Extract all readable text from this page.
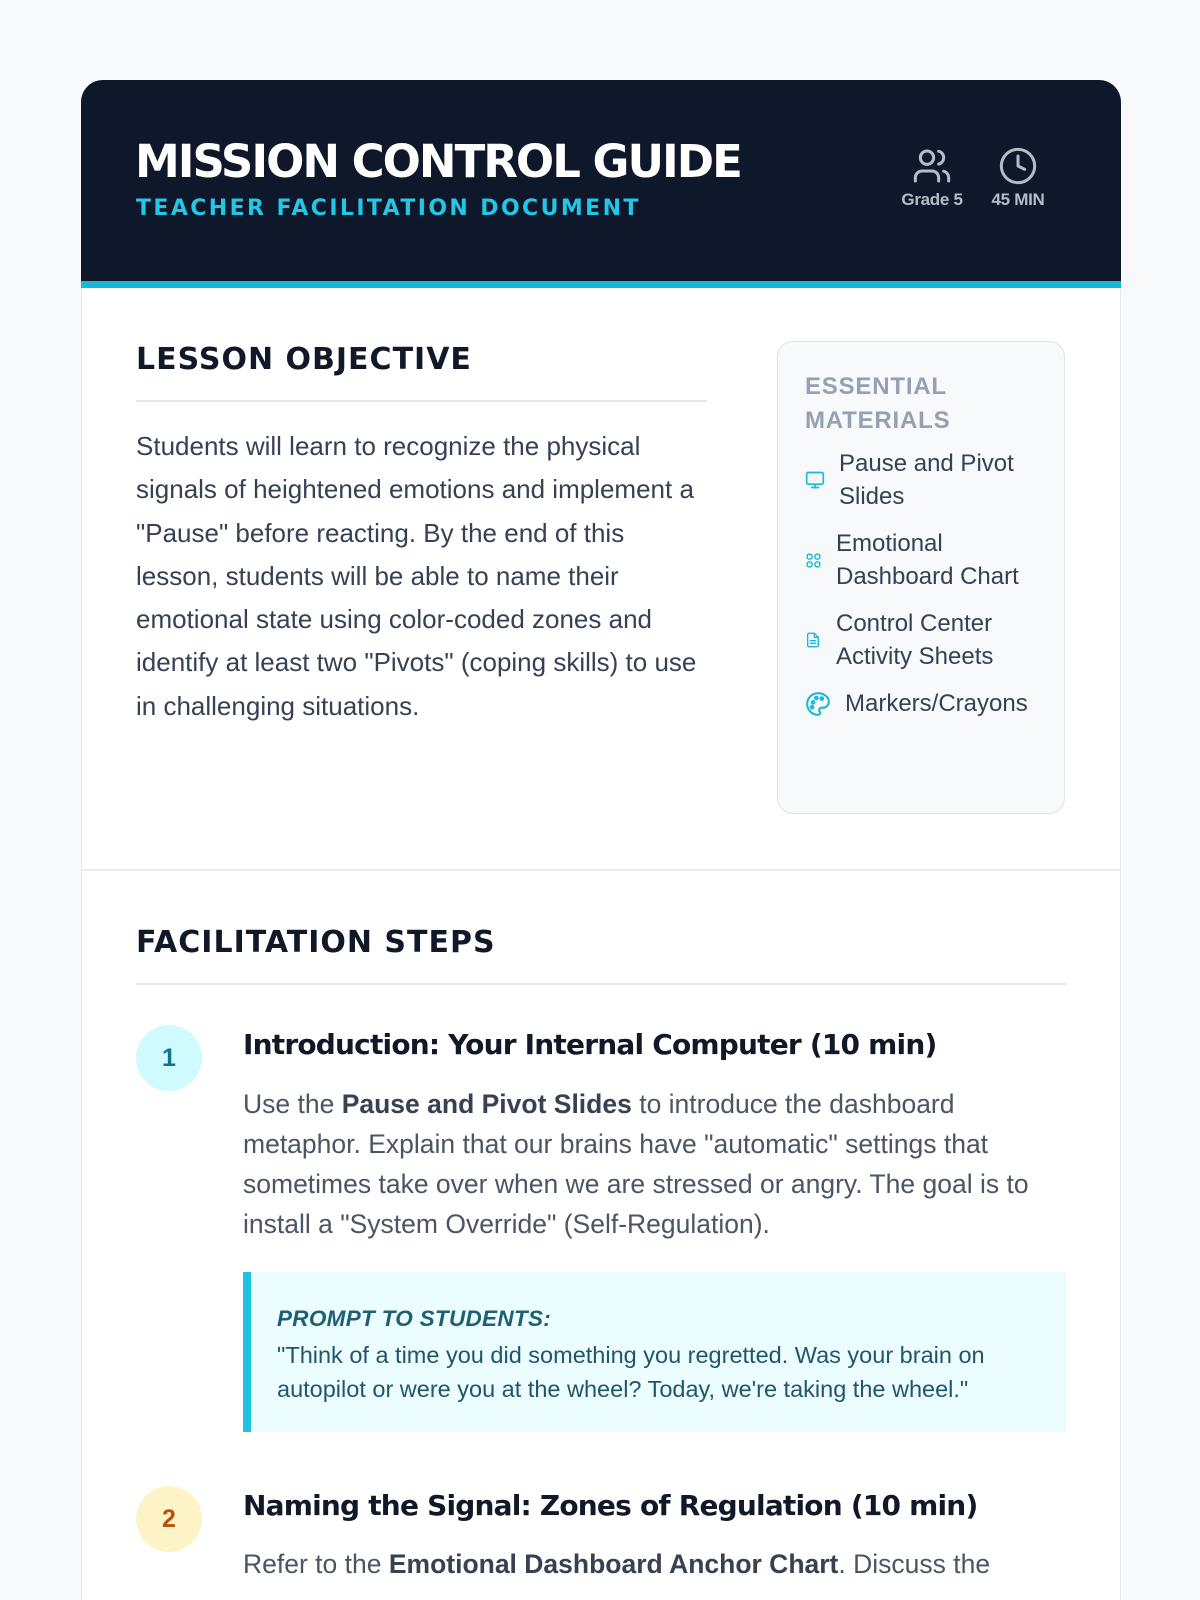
MISSION CONTROL GUIDE
TEACHER FACILITATION DOCUMENT	Grade 5	45 MIN
LESSON OBJECTIVE

Students will learn to recognize the physical signals of heightened emotions and implement a "Pause" before reacting. By the end of this lesson, students will be able to name their emotional state using color-coded zones and identify at least two "Pivots" (coping skills) to use in challenging situations.

ESSENTIAL MATERIALS
Pause and Pivot Slides
Emotional Dashboard Chart
Control Center Activity Sheets
Markers/Crayons
FACILITATION STEPS
1	Introduction: Your Internal Computer (10 min)

Use the Pause and Pivot Slides to introduce the dashboard metaphor. Explain that our brains have "automatic" settings that sometimes take over when we are stressed or angry. The goal is to install a "System Override" (Self-Regulation).

PROMPT TO STUDENTS:

"Think of a time you did something you regretted. Was your brain on autopilot or were you at the wheel? Today, we're taking the wheel."

2	Naming the Signal: Zones of Regulation (10 min)

Refer to the Emotional Dashboard Anchor Chart. Discuss the
